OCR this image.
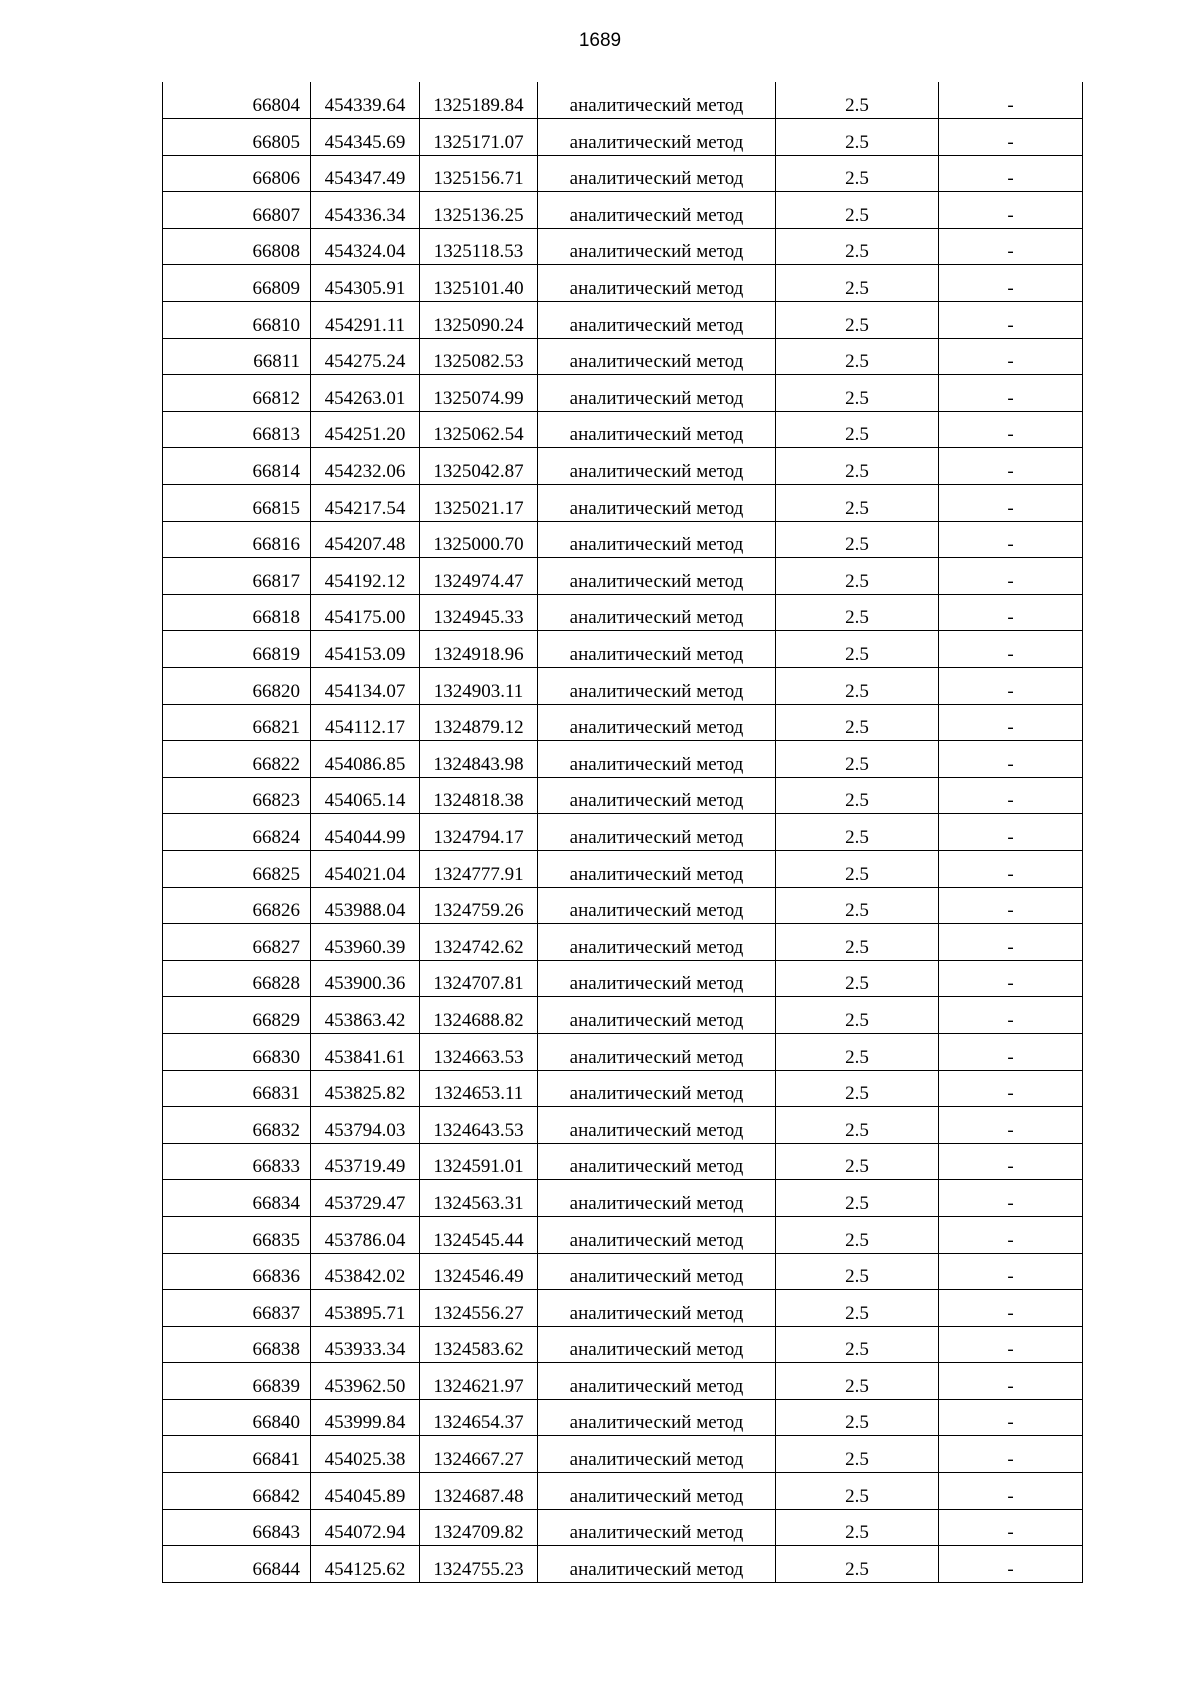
1689
66804	454339.64	1325189.84	аналитический метод	2.5	-

66805	454345.69	1325171.07	аналитический метод	2.5	-

66806	454347.49	1325156.71	аналитический метод	2.5	-

66807	454336.34	1325136.25	аналитический метод	2.5	-

66808	454324.04	1325118.53	аналитический метод	2.5	-

66809	454305.91	1325101.40	аналитический метод	2.5	-

66810	454291.11	1325090.24	аналитический метод	2.5	-

66811	454275.24	1325082.53	аналитический метод	2.5	-

66812	454263.01	1325074.99	аналитический метод	2.5	-

66813	454251.20	1325062.54	аналитический метод	2.5	-

66814	454232.06	1325042.87	аналитический метод	2.5	-

66815	454217.54	1325021.17	аналитический метод	2.5	-

66816	454207.48	1325000.70	аналитический метод	2.5	-

66817	454192.12	1324974.47	аналитический метод	2.5	-

66818	454175.00	1324945.33	аналитический метод	2.5	-

66819	454153.09	1324918.96	аналитический метод	2.5	-

66820	454134.07	1324903.11	аналитический метод	2.5	-

66821	454112.17	1324879.12	аналитический метод	2.5	-

66822	454086.85	1324843.98	аналитический метод	2.5	-

66823	454065.14	1324818.38	аналитический метод	2.5	-

66824	454044.99	1324794.17	аналитический метод	2.5	-

66825	454021.04	1324777.91	аналитический метод	2.5	-

66826	453988.04	1324759.26	аналитический метод	2.5	-

66827	453960.39	1324742.62	аналитический метод	2.5	-

66828	453900.36	1324707.81	аналитический метод	2.5	-

66829	453863.42	1324688.82	аналитический метод	2.5	-

66830	453841.61	1324663.53	аналитический метод	2.5	-

66831	453825.82	1324653.11	аналитический метод	2.5	-

66832	453794.03	1324643.53	аналитический метод	2.5	-

66833	453719.49	1324591.01	аналитический метод	2.5	-

66834	453729.47	1324563.31	аналитический метод	2.5	-

66835	453786.04	1324545.44	аналитический метод	2.5	-

66836	453842.02	1324546.49	аналитический метод	2.5	-

66837	453895.71	1324556.27	аналитический метод	2.5	-

66838	453933.34	1324583.62	аналитический метод	2.5	-

66839	453962.50	1324621.97	аналитический метод	2.5	-

66840	453999.84	1324654.37	аналитический метод	2.5	-

66841	454025.38	1324667.27	аналитический метод	2.5	-

66842	454045.89	1324687.48	аналитический метод	2.5	-

66843	454072.94	1324709.82	аналитический метод	2.5	-

66844	454125.62	1324755.23	аналитический метод	2.5	-
